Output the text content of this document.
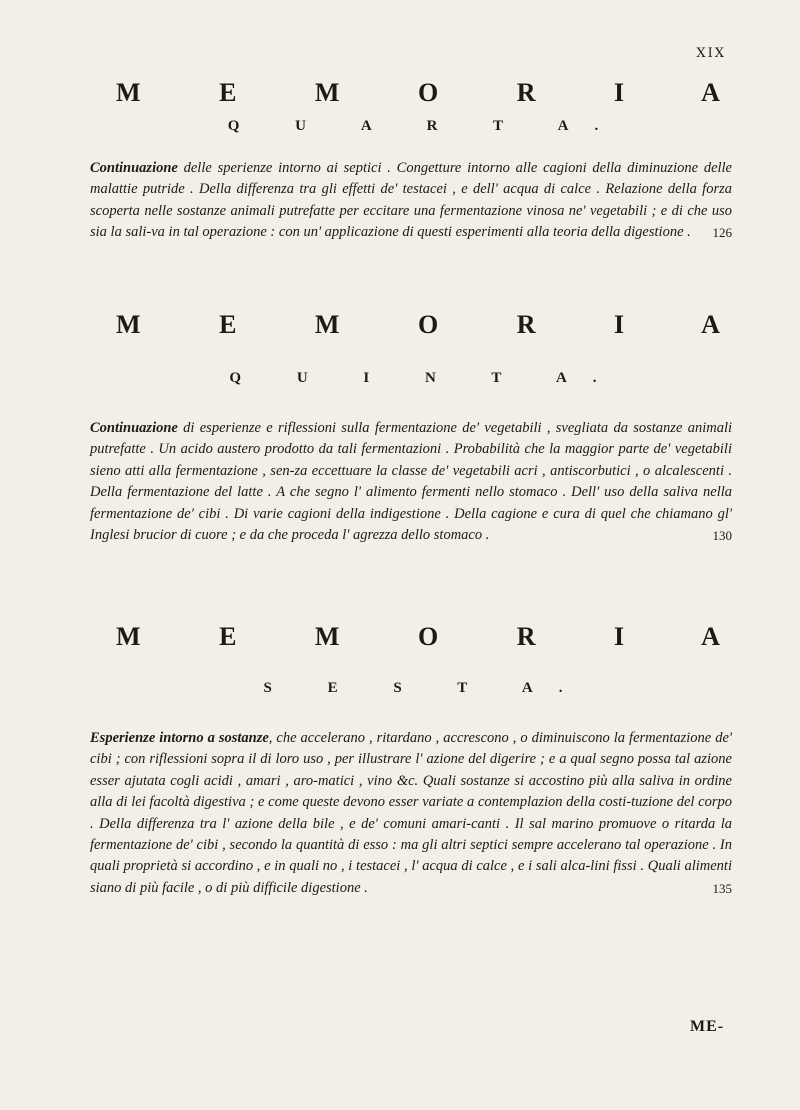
XIX
M E M O R I A
Q U A R T A.

Continuazione delle sperienze intorno ai septici . Congetture intorno alle cagioni della diminuzione delle malattie putride . Della differenza tra gli effetti de' testacei , e dell' acqua di calce . Relazione della forza scoperta nelle sostanze animali putrefatte per eccitare una fermentazione vinosa ne' vegetabili ; e di che uso sia la sali-va in tal operazione : con un' applicazione di questi esperimenti alla teoria della digestione . 126

M E M O R I A
Q U I N T A.

Continuazione di esperienze e riflessioni sulla fermentazione de' vegetabili , svegliata da sostanze animali putrefatte . Un acido austero prodotto da tali fermentazioni . Probabilità che la maggior parte de' vegetabili sieno atti alla fermentazione , sen-za eccettuare la classe de' vegetabili acri , antiscorbutici , o alcalescenti . Della fermentazione del latte . A che segno l' alimento fermenti nello stomaco . Dell' uso della saliva nella fermentazione de' cibi . Di varie cagioni della indigestione . Della cagione e cura di quel che chiamano gl' Inglesi brucior di cuore ; e da che proceda l' agrezza dello stomaco .	130

M E M O R I A
S E S T A.

Esperienze intorno a sostanze, che accelerano , ritardano , accrescono , o diminuiscono la fermentazione de' cibi ; con riflessioni sopra il di loro uso , per illustrare l' azione del digerire ; e a qual segno possa tal azione esser ajutata cogli acidi , amari , aro-matici , vino &c. Quali sostanze si accostino più alla saliva in ordine alla di lei facoltà digestiva ; e come queste devono esser variate a contemplazion della costi-tuzione del corpo . Della differenza tra l' azione della bile , e de' comuni amari-canti . Il sal marino promuove o ritarda la fermentazione de' cibi , secondo la quantità di esso : ma gli altri septici sempre accelerano tal operazione . In quali proprietà si accordino , e in quali no , i testacei , l' acqua di calce , e i sali alca-lini fissi . Quali alimenti siano di più facile , o di più difficile digestione .	135

ME-
